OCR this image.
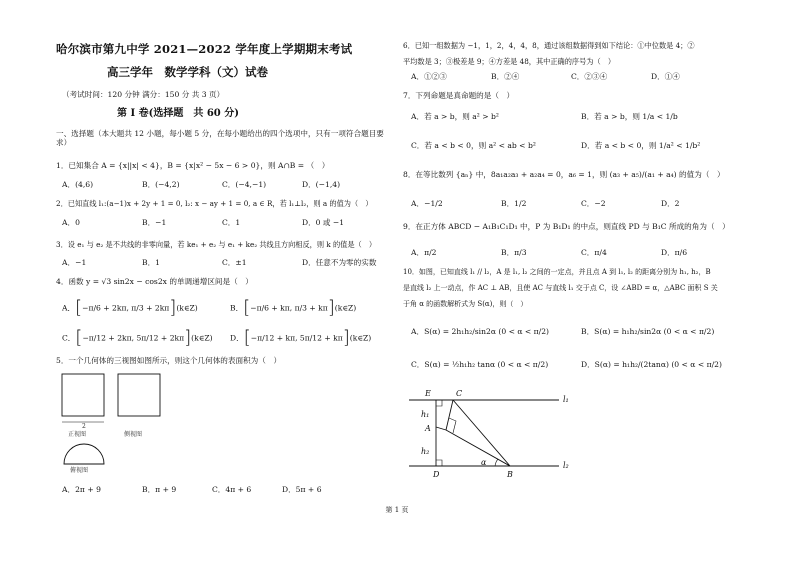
哈尔滨市第九中学 2021—2022 学年度上学期期末考试
高三学年　数学学科（文）试卷
（考试时间：120 分钟 满分：150 分 共 3 页）
第 Ⅰ 卷(选择题　共 60 分)
一、选择题（本大题共 12 小题，每小题 5 分，在每小题给出的四个选项中，只有一项符合题目要求）
1．已知集合 A = {x||x| < 4}，B = {x|x² − 5x − 6 > 0}，则 A∩B = （　）
A．(4,6)	B．(−4,2)	C．(−4,−1)	D．(−1,4)
2．已知直线 l₁:(a−1)x + 2y + 1 = 0, l₂: x − ay + 1 = 0, a ∈ R，若 l₁⊥l₂，则 a 的值为（　）
A．0	B．−1	C．1	D．0 或 −1
3．设 e₁ 与 e₂ 是不共线的非零向量，若 ke₁ + e₂ 与 e₁ + ke₂ 共线且方向相反，则 k 的值是（　）
A．−1	B．1	C．±1	D．任意不为零的实数
4．函数 y = √3 sin2x − cos2x 的单调递增区间是（　）
A．[−π/6 + 2kπ, π/3 + 2kπ](k∈Z)	B．[−π/6 + kπ, π/3 + kπ](k∈Z)
C．[−π/12 + 2kπ, 5π/12 + 2kπ](k∈Z) D．[−π/12 + kπ, 5π/12 + kπ](k∈Z)
5．一个几何体的三视图如图所示，则这个几何体的表面积为（　）
2
正视图	侧视图
俯视图
A．2π + 9	B．π + 9	C．4π + 6	D．5π + 6
6．已知一组数据为 −1，1，2，4，4，8，通过该组数据得到如下结论：①中位数是 4；②
平均数是 3；③极差是 9；④方差是 48，其中正确的序号为（　）
A．①②③	B．②④	C．②③④	D．①④
7．下列命题是真命题的是（　）
A．若 a > b，则 a² > b²	B．若 a > b，则 1/a < 1/b
C．若 a < b < 0，则 a² < ab < b²	D．若 a < b < 0，则 1/a² < 1/b²
8．在等比数列 {aₙ} 中，8a₁a₂a₃ + a₂a₄ = 0，a₆ = 1，则 (a₃ + a₅)/(a₁ + a₄) 的值为（　）
A．−1/2	B．1/2	C．−2	D．2
9．在正方体 ABCD − A₁B₁C₁D₁ 中，P 为 B₁D₁ 的中点，则直线 PD 与 B₁C 所成的角为（　）
A．π/2	B．π/3	C．π/4	D．π/6
10．如图，已知直线 l₁ // l₂，A 是 l₁, l₂ 之间的一定点，并且点 A 到 l₁, l₂ 的距离分别为 h₁, h₂，B
是直线 l₂ 上一动点，作 AC ⊥ AB，且使 AC 与直线 l₁ 交于点 C，设 ∠ABD = α，△ABC 面积 S 关
于角 α 的函数解析式为 S(α)，则（　）
A．S(α) = 2h₁h₂/sin2α (0 < α < π/2)	B．S(α) = h₁h₂/sin2α (0 < α < π/2)
C．S(α) = ½h₁h₂ tanα (0 < α < π/2)	D．S(α) = h₁h₂/(2tanα) (0 < α < π/2)
E	C
h₁
A
h₂
α
l₁
l₂
D	B
第 1 页
